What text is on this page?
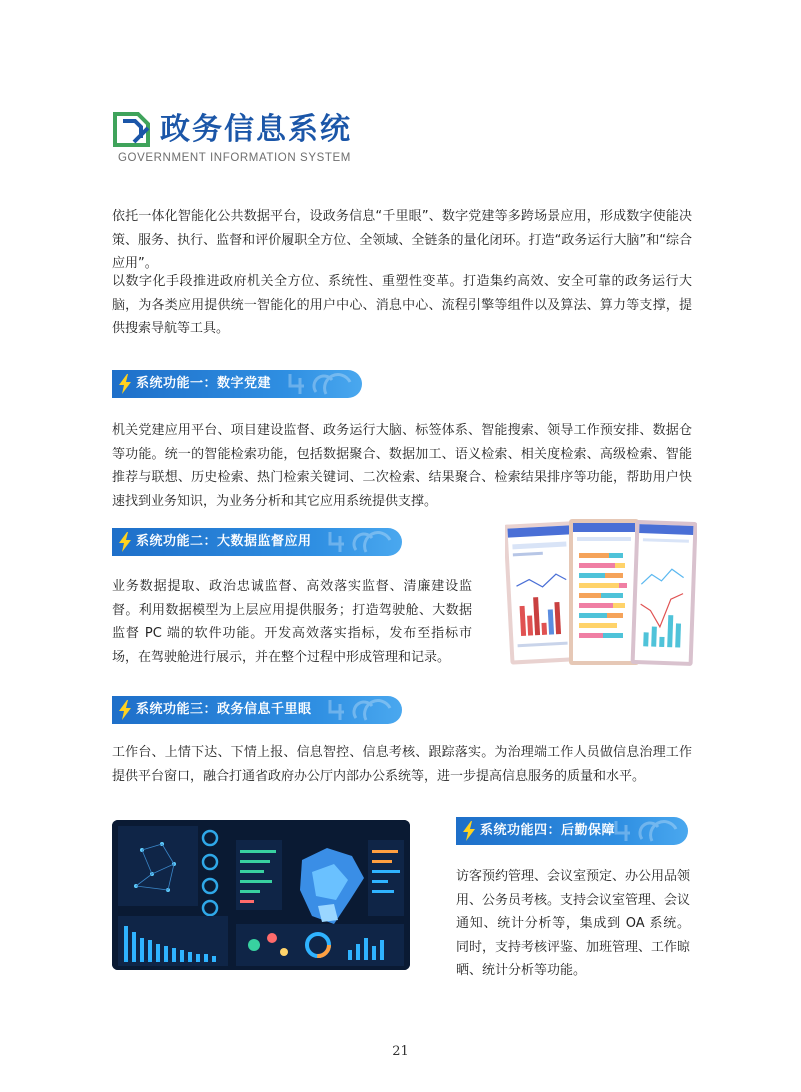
政务信息系统
GOVERNMENT INFORMATION SYSTEM

依托一体化智能化公共数据平台，设政务信息“千里眼”、数字党建等多跨场景应用，形成数字使能决策、服务、执行、监督和评价履职全方位、全领域、全链条的量化闭环。打造“政务运行大脑”和“综合应用”。

以数字化手段推进政府机关全方位、系统性、重塑性变革。打造集约高效、安全可靠的政务运行大脑，为各类应用提供统一智能化的用户中心、消息中心、流程引擎等组件以及算法、算力等支撑，提供搜索导航等工具。

系统功能一：数字党建

机关党建应用平台、项目建设监督、政务运行大脑、标签体系、智能搜索、领导工作预安排、数据仓等功能。统一的智能检索功能，包括数据聚合、数据加工、语义检索、相关度检索、高级检索、智能推荐与联想、历史检索、热门检索关键词、二次检索、结果聚合、检索结果排序等功能，帮助用户快速找到业务知识，为业务分析和其它应用系统提供支撑。

系统功能二：大数据监督应用

业务数据提取、政治忠诚监督、高效落实监督、清廉建设监督。利用数据模型为上层应用提供服务；打造驾驶舱、大数据监督 PC 端的软件功能。开发高效落实指标，发布至指标市场，在驾驶舱进行展示，并在整个过程中形成管理和记录。

系统功能三：政务信息千里眼

工作台、上情下达、下情上报、信息智控、信息考核、跟踪落实。为治理端工作人员做信息治理工作提供平台窗口，融合打通省政府办公厅内部办公系统等，进一步提高信息服务的质量和水平。

系统功能四：后勤保障

访客预约管理、会议室预定、办公用品领用、公务员考核。支持会议室管理、会议通知、统计分析等，集成到 OA 系统。同时，支持考核评鉴、加班管理、工作晾晒、统计分析等功能。

21
